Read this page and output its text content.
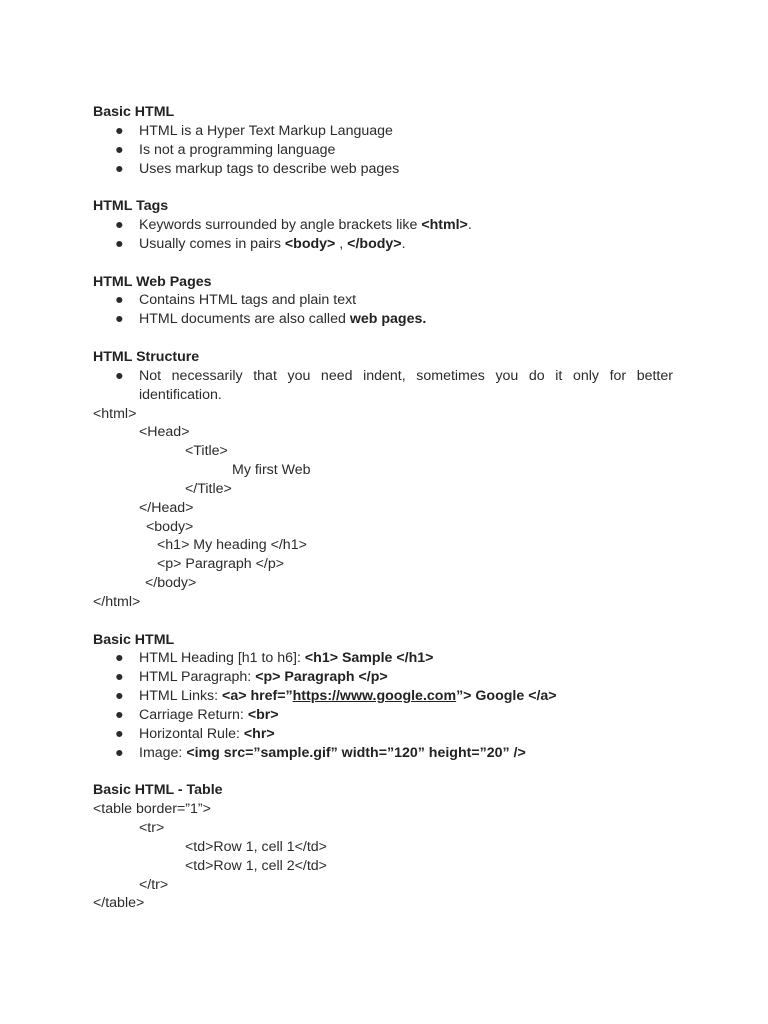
Basic HTML
● HTML is a Hyper Text Markup Language
● Is not a programming language
● Uses markup tags to describe web pages
HTML Tags
● Keywords surrounded by angle brackets like <html>.
● Usually comes in pairs <body> , </body>.
HTML Web Pages
● Contains HTML tags and plain text
● HTML documents are also called web pages.
HTML Structure
● Not necessarily that you need indent, sometimes you do it only for better identification.
<html>
<Head>
<Title>
My first Web
</Title>
</Head>
<body>
<h1> My heading </h1>
<p> Paragraph </p>
</body>
</html>
Basic HTML
● HTML Heading [h1 to h6]: <h1> Sample </h1>
● HTML Paragraph: <p> Paragraph </p>
● HTML Links: <a> href=”https://www.google.com”> Google </a>
● Carriage Return: <br>
● Horizontal Rule: <hr>
● Image: <img src=”sample.gif” width=”120” height=”20” />
Basic HTML - Table
<table border=”1”>
<tr>
<td>Row 1, cell 1</td>
<td>Row 1, cell 2</td>
</tr>
</table>
